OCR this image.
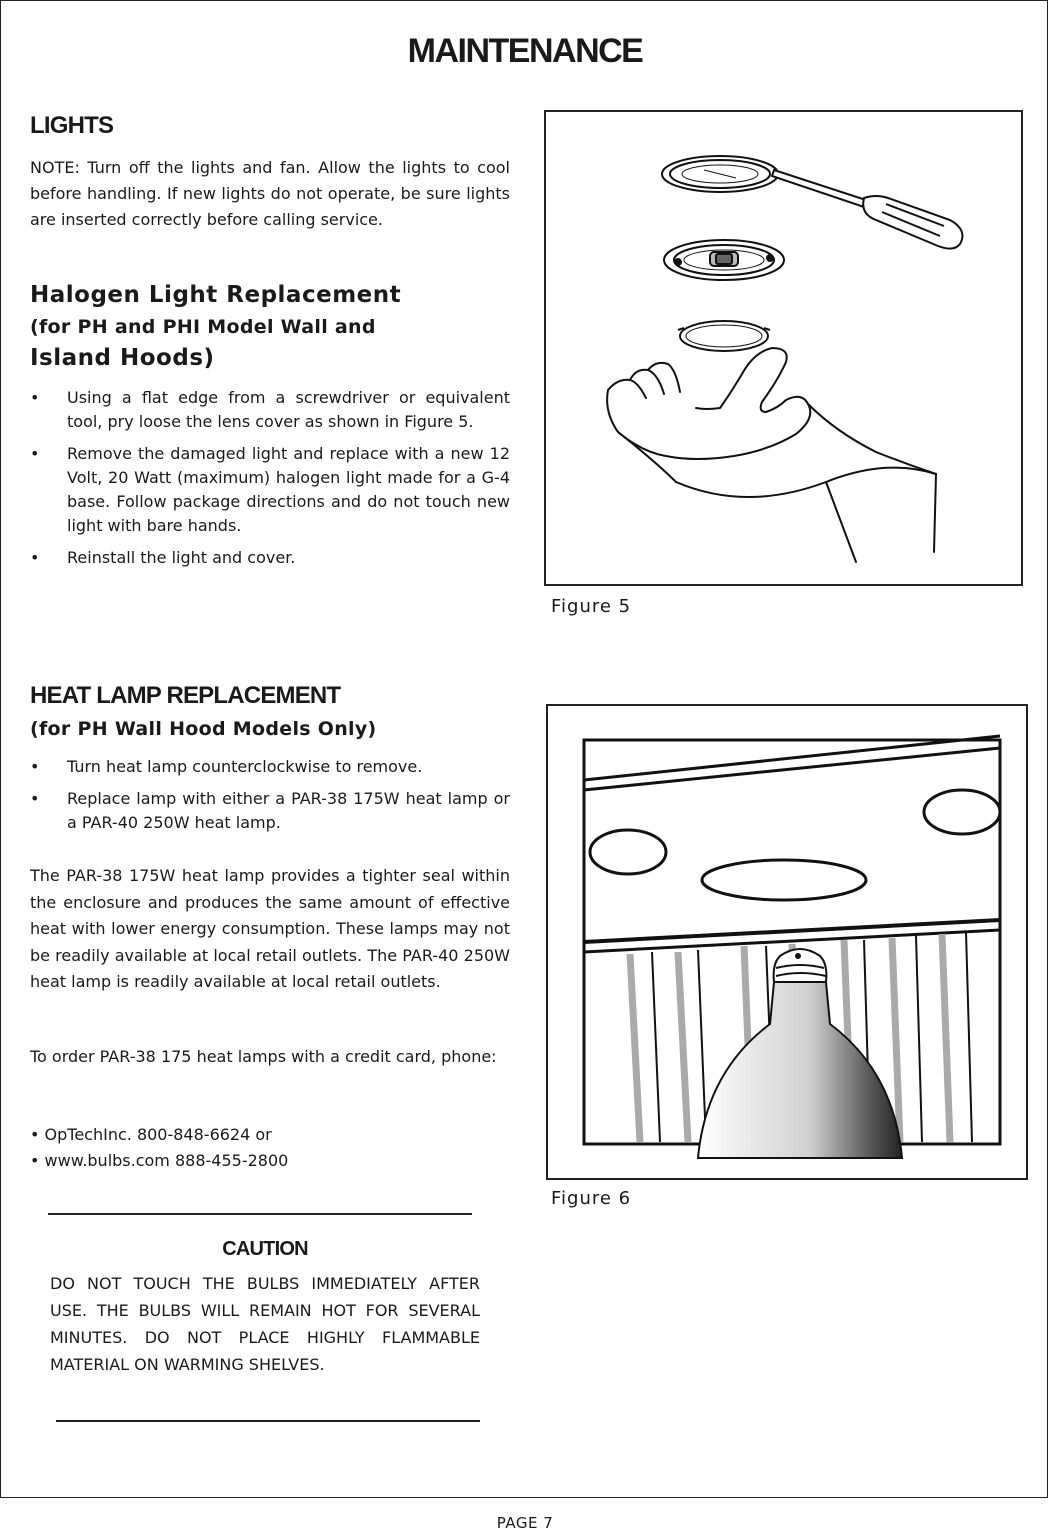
MAINTENANCE
LIGHTS

NOTE: Turn off the lights and fan. Allow the lights to cool before handling. If new lights do not operate, be sure lights are inserted correctly before calling service.

Halogen Light Replacement
(for PH and PHI Model Wall and
Island Hoods)
• Using a flat edge from a screwdriver or equivalent tool, pry loose the lens cover as shown in Figure 5.
• Remove the damaged light and replace with a new 12 Volt, 20 Watt (maximum) halogen light made for a G-4 base. Follow package directions and do not touch new light with bare hands.
• Reinstall the light and cover.
Figure 5
HEAT LAMP REPLACEMENT
(for PH Wall Hood Models Only)
• Turn heat lamp counterclockwise to remove.
• Replace lamp with either a PAR-38 175W heat lamp or a PAR-40 250W heat lamp.

The PAR-38 175W heat lamp provides a tighter seal within the enclosure and produces the same amount of effective heat with lower energy consumption. These lamps may not be readily available at local retail outlets. The PAR-40 250W heat lamp is readily available at local retail outlets.

To order PAR-38 175 heat lamps with a credit card, phone:

• OpTechInc. 800-848-6624 or

• www.bulbs.com 888-455-2800

Figure 6
CAUTION

DO NOT TOUCH THE BULBS IMMEDIATELY AFTER USE. THE BULBS WILL REMAIN HOT FOR SEVERAL MINUTES. DO NOT PLACE HIGHLY FLAMMABLE MATERIAL ON WARMING SHELVES.

PAGE 7
